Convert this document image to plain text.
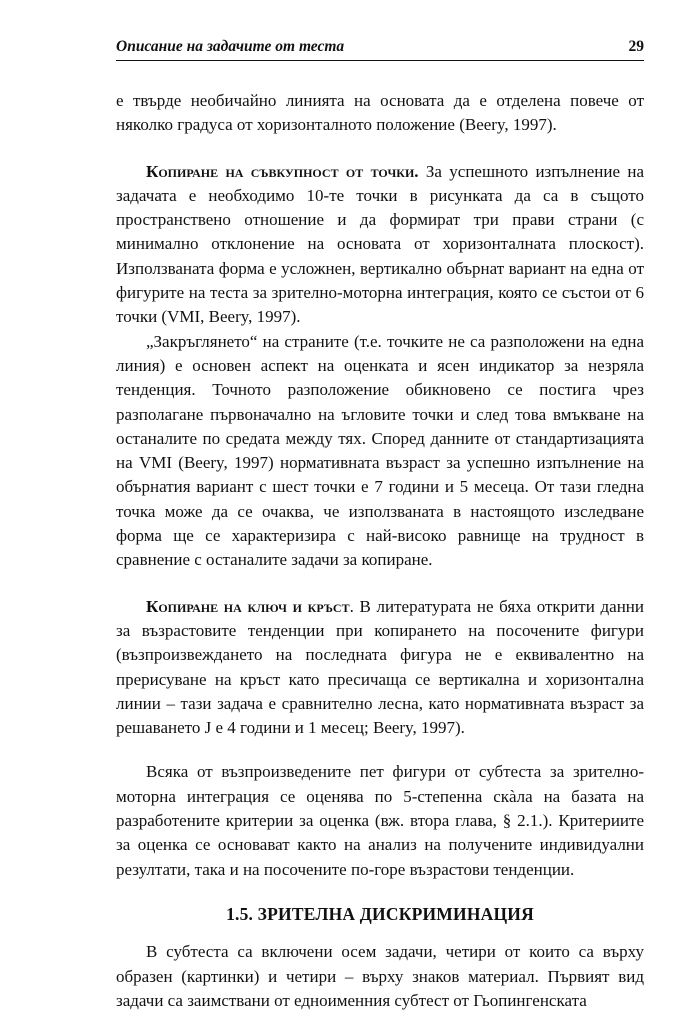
Описание на задачите от теста	29

е твърде необичайно линията на основата да е отделена повече от няколко градуса от хоризонталното положение (Beery, 1997).

Копиране на съвкупност от точки. За успешното изпълнение на задачата е необходимо 10-те точки в рисунката да са в същото пространствено отношение и да формират три прави страни (с минимално отклонение на основата от хоризонталната плоскост). Използваната форма е усложнен, вертикално обърнат вариант на една от фигурите на теста за зрително-моторна интеграция, която се състои от 6 точки (VMI, Beery, 1997).

„Закръглянето“ на страните (т.е. точките не са разположени на една линия) е основен аспект на оценката и ясен индикатор за незряла тенденция. Точното разположение обикновено се постига чрез разполагане първоначално на ъгловите точки и след това вмъкване на останалите по средата между тях. Според данните от стандартизацията на VMI (Beery, 1997) нормативната възраст за успешно изпълнение на обърнатия вариант с шест точки е 7 години и 5 месеца. От тази гледна точка може да се очаква, че използваната в настоящото изследване форма ще се характеризира с най-високо равнище на трудност в сравнение с останалите задачи за копиране.

Копиране на ключ и кръст. В литературата не бяха открити данни за възрастовите тенденции при копирането на посочените фигури (възпроизвеждането на последната фигура не е еквивалентно на прерисуване на кръст като пресичаща се вертикална и хоризонтална линии – тази задача е сравнително лесна, като нормативната възраст за решаването Ј е 4 години и 1 месец; Beery, 1997).

Всяка от възпроизведените пет фигури от субтеста за зрително-моторна интеграция се оценява по 5-степенна скàла на базата на разработените критерии за оценка (вж. втора глава, § 2.1.). Критериите за оценка се основават както на анализ на получените индивидуални резултати, така и на посочените по-горе възрастови тенденции.

1.5. ЗРИТЕЛНА ДИСКРИМИНАЦИЯ

В субтеста са включени осем задачи, четири от които са върху образен (картинки) и четири – върху знаков материал. Първият вид задачи са заимствани от едноименния субтест от Гьопингенската
